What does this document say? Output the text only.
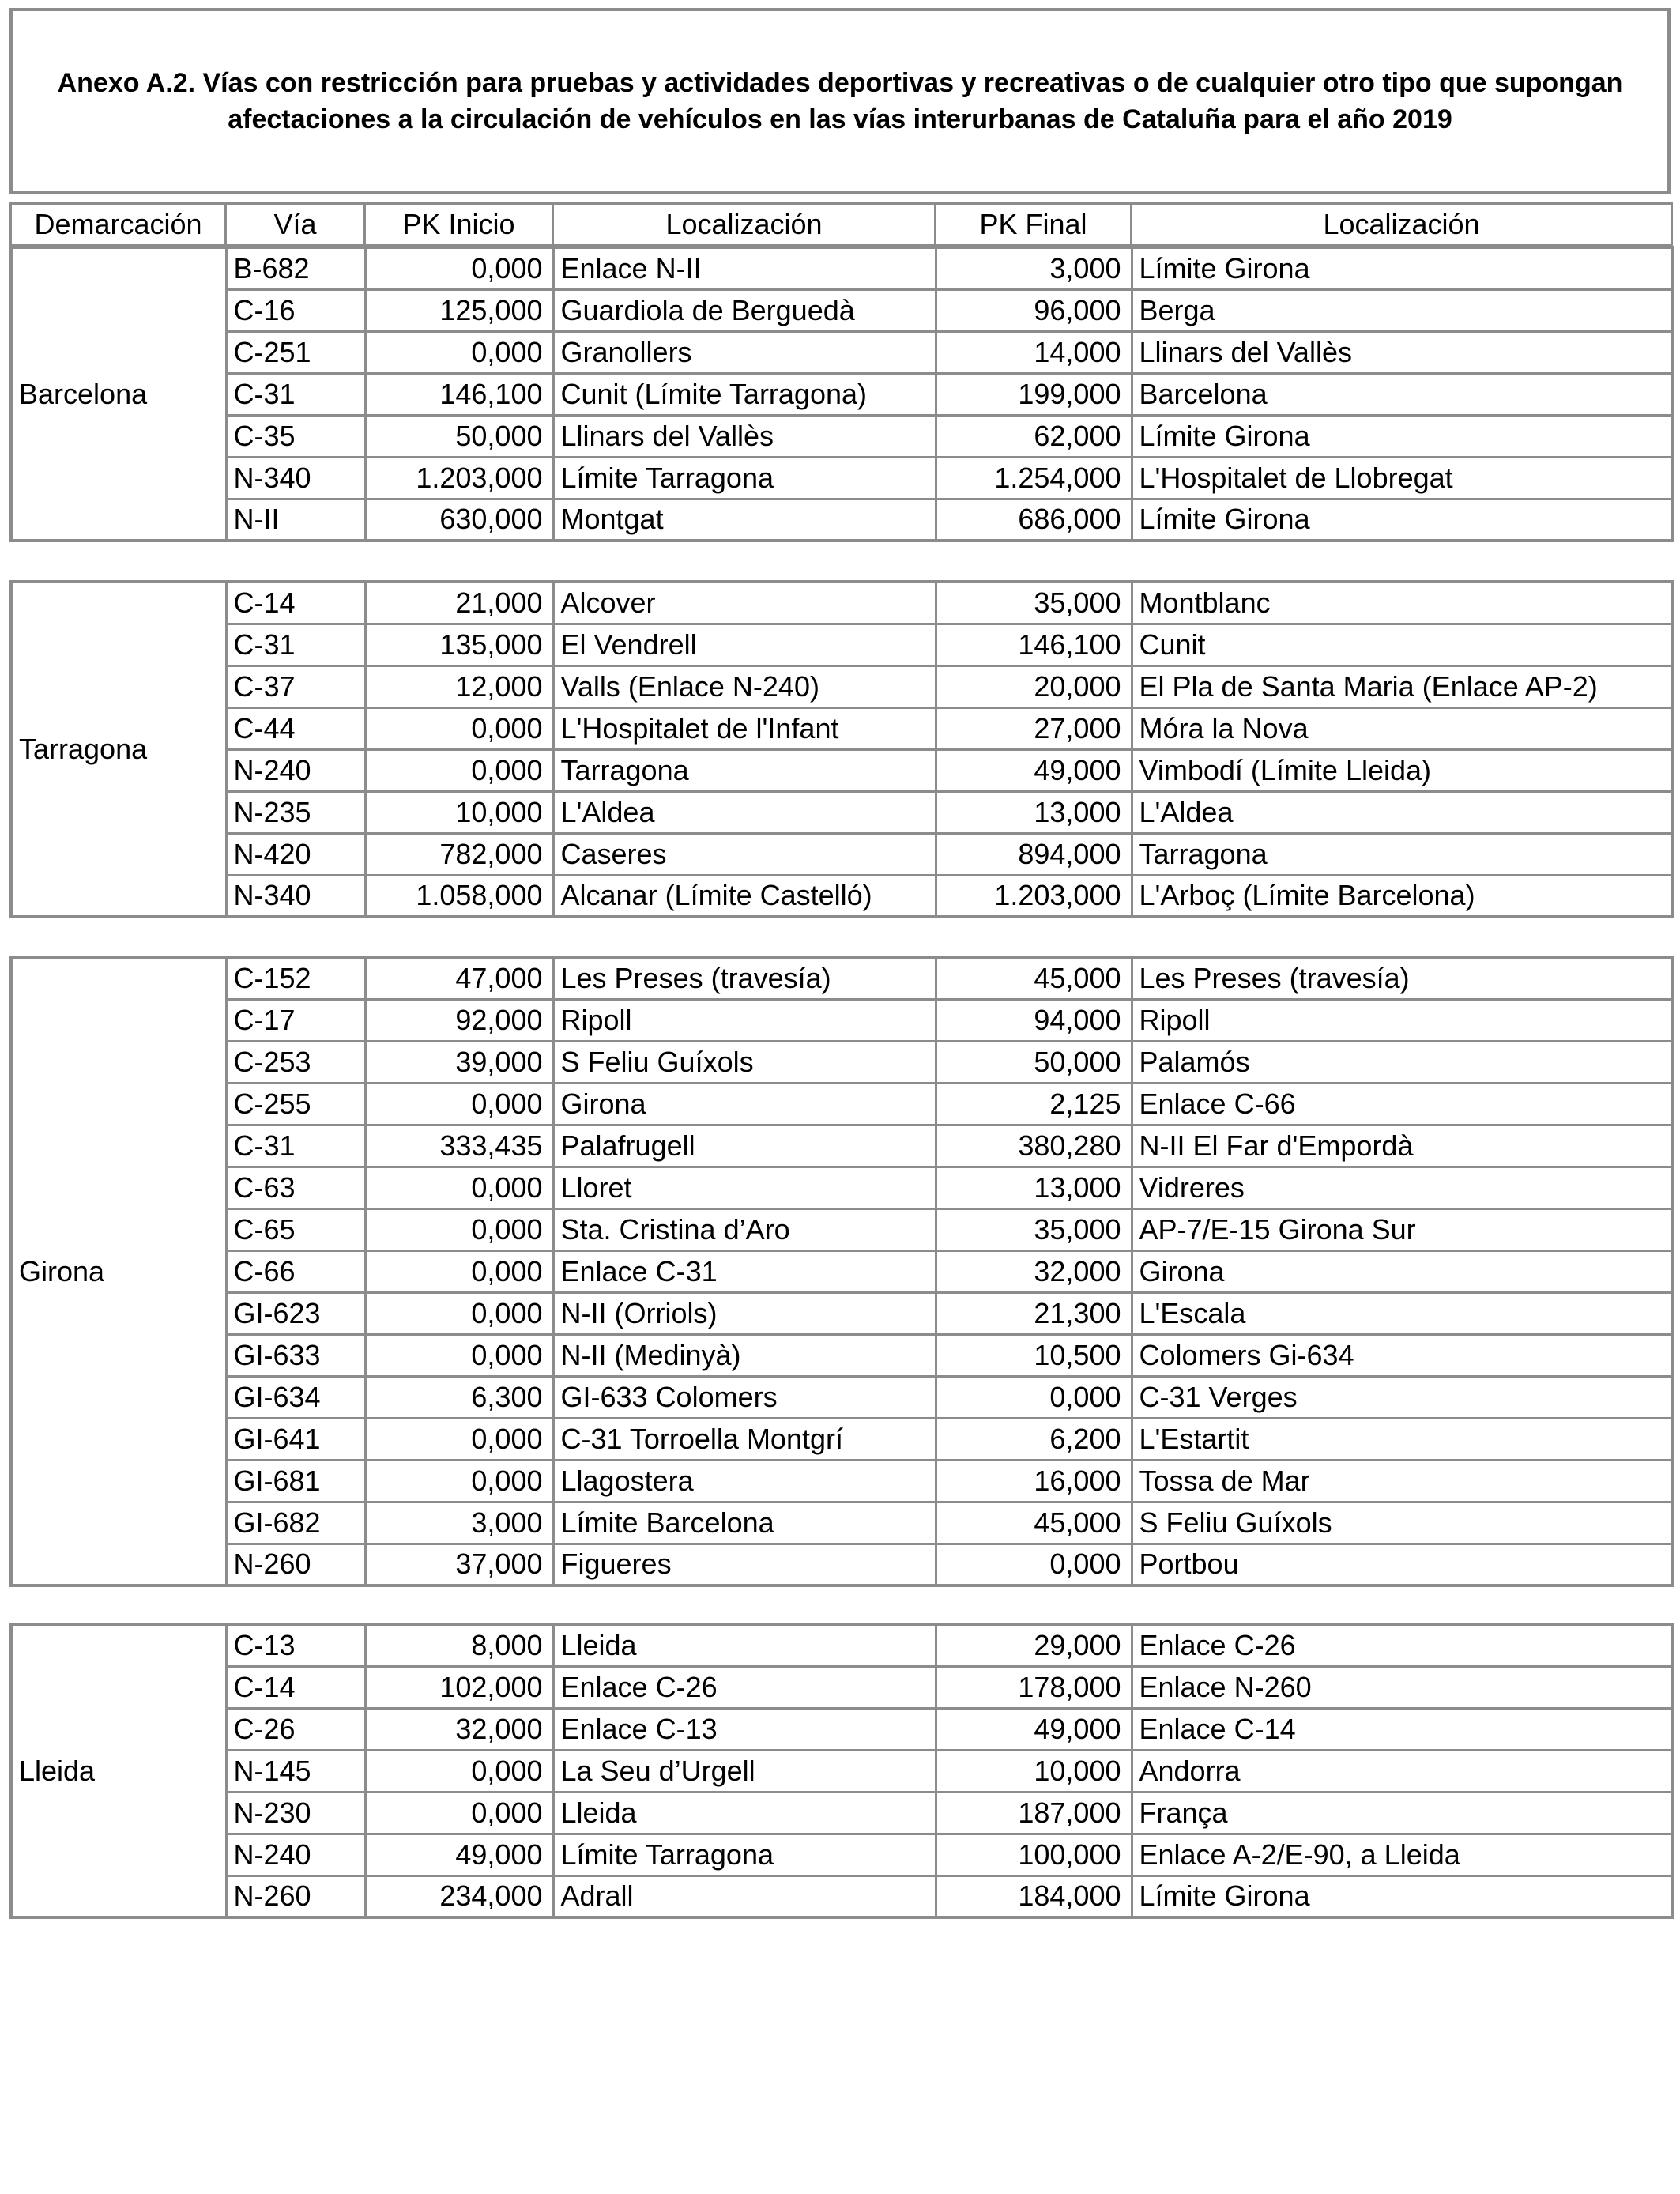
Anexo A.2. Vías con restricción para pruebas y actividades deportivas y recreativas o de cualquier otro tipo que supongan afectaciones a la circulación de vehículos en las vías interurbanas de Cataluña para el año 2019
Demarcación	Vía	PK Inicio	Localización	PK Final	Localización
Barcelona	B-682	0,000	Enlace N-II	3,000	Límite Girona
	C-16	125,000	Guardiola de Berguedà	96,000	Berga
	C-251	0,000	Granollers	14,000	Llinars del Vallès
	C-31	146,100	Cunit (Límite Tarragona)	199,000	Barcelona
	C-35	50,000	Llinars del Vallès	62,000	Límite Girona
	N-340	1.203,000	Límite Tarragona	1.254,000	L'Hospitalet de Llobregat
	N-II	630,000	Montgat	686,000	Límite Girona
Tarragona	C-14	21,000	Alcover	35,000	Montblanc
	C-31	135,000	El Vendrell	146,100	Cunit
	C-37	12,000	Valls (Enlace N-240)	20,000	El Pla de Santa Maria (Enlace AP-2)
	C-44	0,000	L'Hospitalet de l'Infant	27,000	Móra la Nova
	N-240	0,000	Tarragona	49,000	Vimbodí (Límite Lleida)
	N-235	10,000	L'Aldea	13,000	L'Aldea
	N-420	782,000	Caseres	894,000	Tarragona
	N-340	1.058,000	Alcanar (Límite Castelló)	1.203,000	L'Arboç (Límite Barcelona)
Girona	C-152	47,000	Les Preses (travesía)	45,000	Les Preses (travesía)
	C-17	92,000	Ripoll	94,000	Ripoll
	C-253	39,000	S Feliu Guíxols	50,000	Palamós
	C-255	0,000	Girona	2,125	Enlace C-66
	C-31	333,435	Palafrugell	380,280	N-II El Far d'Empordà
	C-63	0,000	Lloret	13,000	Vidreres
	C-65	0,000	Sta. Cristina d’Aro	35,000	AP-7/E-15 Girona Sur
	C-66	0,000	Enlace C-31	32,000	Girona
	GI-623	0,000	N-II (Orriols)	21,300	L'Escala
	GI-633	0,000	N-II (Medinyà)	10,500	Colomers Gi-634
	GI-634	6,300	GI-633 Colomers	0,000	C-31 Verges
	GI-641	0,000	C-31 Torroella Montgrí	6,200	L'Estartit
	GI-681	0,000	Llagostera	16,000	Tossa de Mar
	GI-682	3,000	Límite Barcelona	45,000	S Feliu Guíxols
	N-260	37,000	Figueres	0,000	Portbou
Lleida	C-13	8,000	Lleida	29,000	Enlace C-26
	C-14	102,000	Enlace C-26	178,000	Enlace N-260
	C-26	32,000	Enlace C-13	49,000	Enlace C-14
	N-145	0,000	La Seu d’Urgell	10,000	Andorra
	N-230	0,000	Lleida	187,000	França
	N-240	49,000	Límite Tarragona	100,000	Enlace A-2/E-90, a Lleida
	N-260	234,000	Adrall	184,000	Límite Girona
